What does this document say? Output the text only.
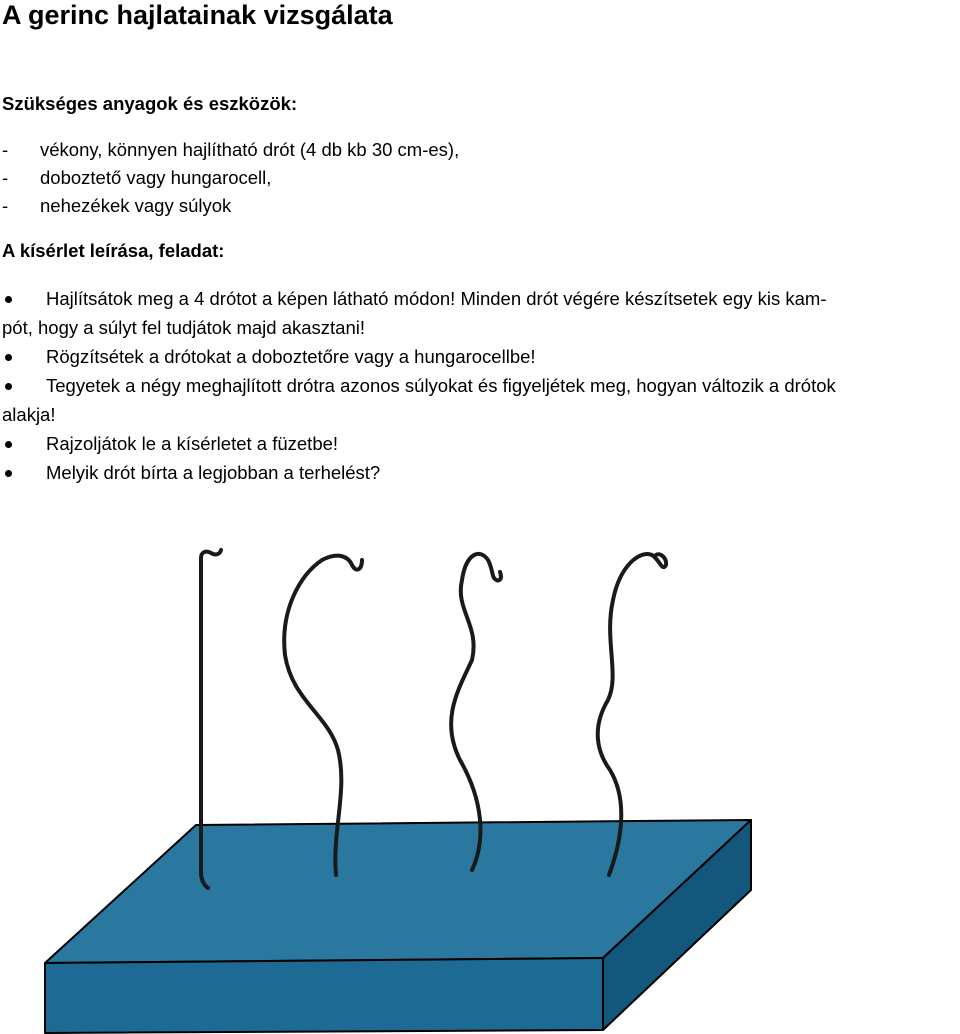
A gerinc hajlatainak vizsgálata
Szükséges anyagok és eszközök:
- vékony, könnyen hajlítható drót (4 db kb 30 cm-es),
- doboztető vagy hungarocell,
- nehezékek vagy súlyok
A kísérlet leírása, feladat:
Hajlítsátok meg a 4 drótot a képen látható módon! Minden drót végére készítsetek egy kis kam-
pót, hogy a súlyt fel tudjátok majd akasztani!
Rögzítsétek a drótokat a doboztetőre vagy a hungarocellbe!
Tegyetek a négy meghajlított drótra azonos súlyokat és figyeljétek meg, hogyan változik a drótok
alakja!
Rajzoljátok le a kísérletet a füzetbe!
Melyik drót bírta a legjobban a terhelést?
